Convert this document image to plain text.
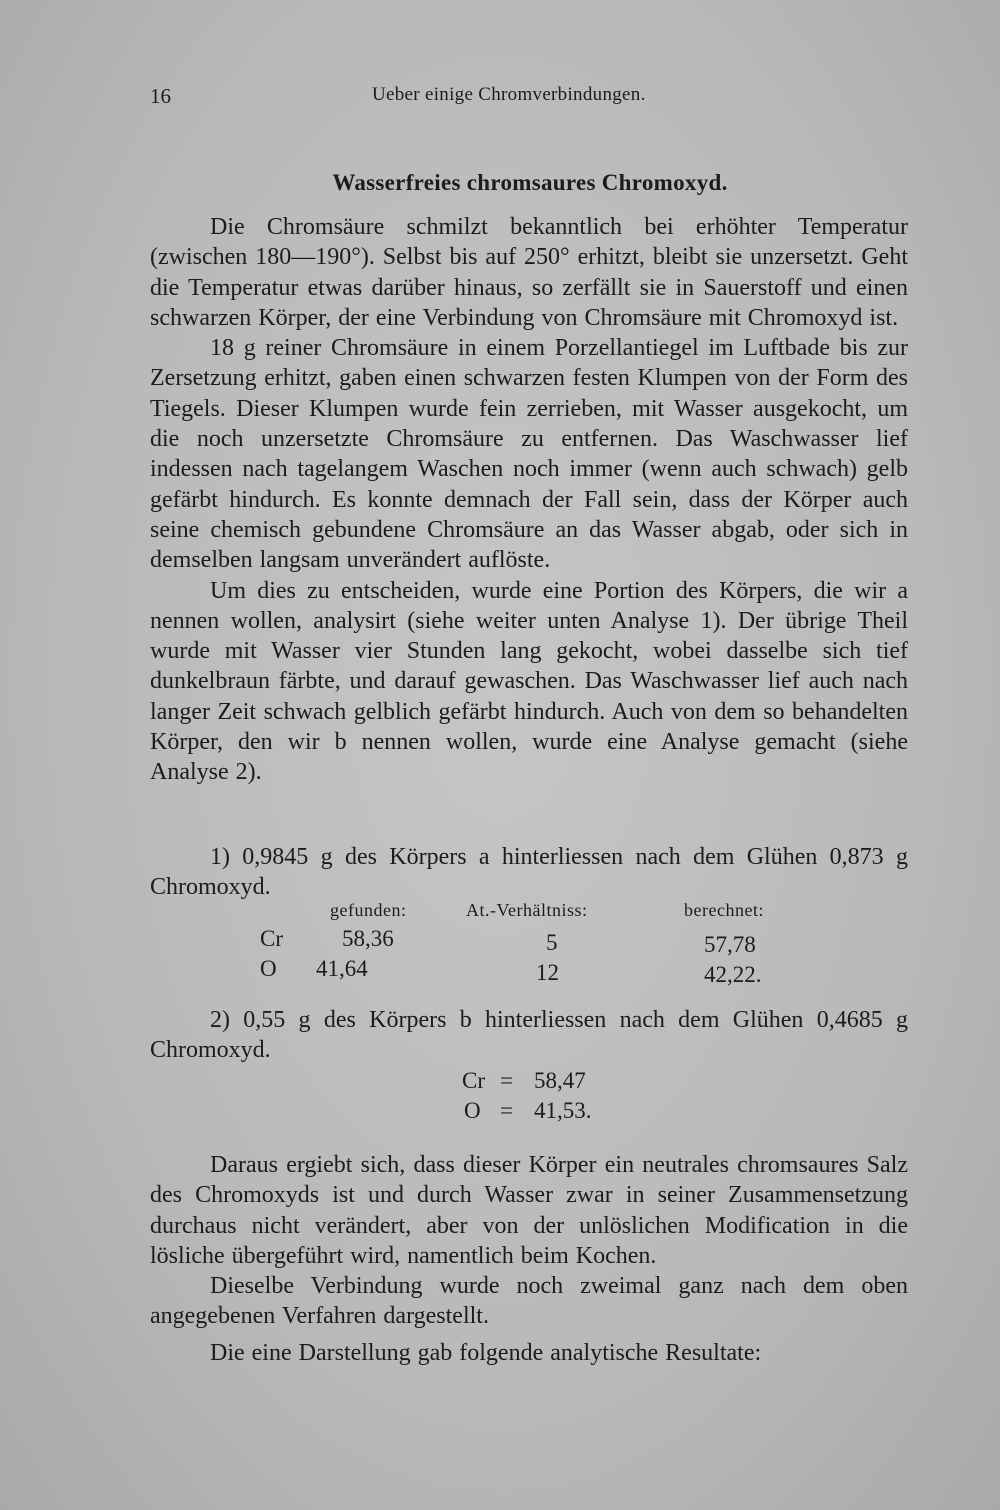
16	Ueber einige Chromverbindungen.
Wasserfreies chromsaures Chromoxyd.

Die Chromsäure schmilzt bekanntlich bei erhöhter Temperatur (zwischen 180—190°). Selbst bis auf 250° erhitzt, bleibt sie unzersetzt. Geht die Temperatur etwas darüber hinaus, so zerfällt sie in Sauerstoff und einen schwarzen Körper, der eine Verbindung von Chromsäure mit Chromoxyd ist.

18 g reiner Chromsäure in einem Porzellantiegel im Luftbade bis zur Zersetzung erhitzt, gaben einen schwarzen festen Klumpen von der Form des Tiegels. Dieser Klumpen wurde fein zerrieben, mit Wasser ausgekocht, um die noch unzersetzte Chromsäure zu entfernen. Das Waschwasser lief indessen nach tagelangem Waschen noch immer (wenn auch schwach) gelb gefärbt hindurch. Es konnte demnach der Fall sein, dass der Körper auch seine chemisch gebundene Chromsäure an das Wasser abgab, oder sich in demselben langsam unverändert auflöste.

Um dies zu entscheiden, wurde eine Portion des Körpers, die wir a nennen wollen, analysirt (siehe weiter unten Analyse 1). Der übrige Theil wurde mit Wasser vier Stunden lang gekocht, wobei dasselbe sich tief dunkelbraun färbte, und darauf gewaschen. Das Waschwasser lief auch nach langer Zeit schwach gelblich gefärbt hindurch. Auch von dem so behandelten Körper, den wir b nennen wollen, wurde eine Analyse gemacht (siehe Analyse 2).

1) 0,9845 g des Körpers a hinterliessen nach dem Glühen 0,873 g Chromoxyd.

gefunden:	At.-Verhältniss:	berechnet:
Cr	58,36	5	57,78
O 41,64	12	42,22.

2) 0,55 g des Körpers b hinterliessen nach dem Glühen 0,4685 g Chromoxyd.

Cr = 58,47
O = 41,53.

Daraus ergiebt sich, dass dieser Körper ein neutrales chromsaures Salz des Chromoxyds ist und durch Wasser zwar in seiner Zusammensetzung durchaus nicht verändert, aber von der unlöslichen Modification in die lösliche übergeführt wird, namentlich beim Kochen.

Dieselbe Verbindung wurde noch zweimal ganz nach dem oben angegebenen Verfahren dargestellt.

Die eine Darstellung gab folgende analytische Resultate:
